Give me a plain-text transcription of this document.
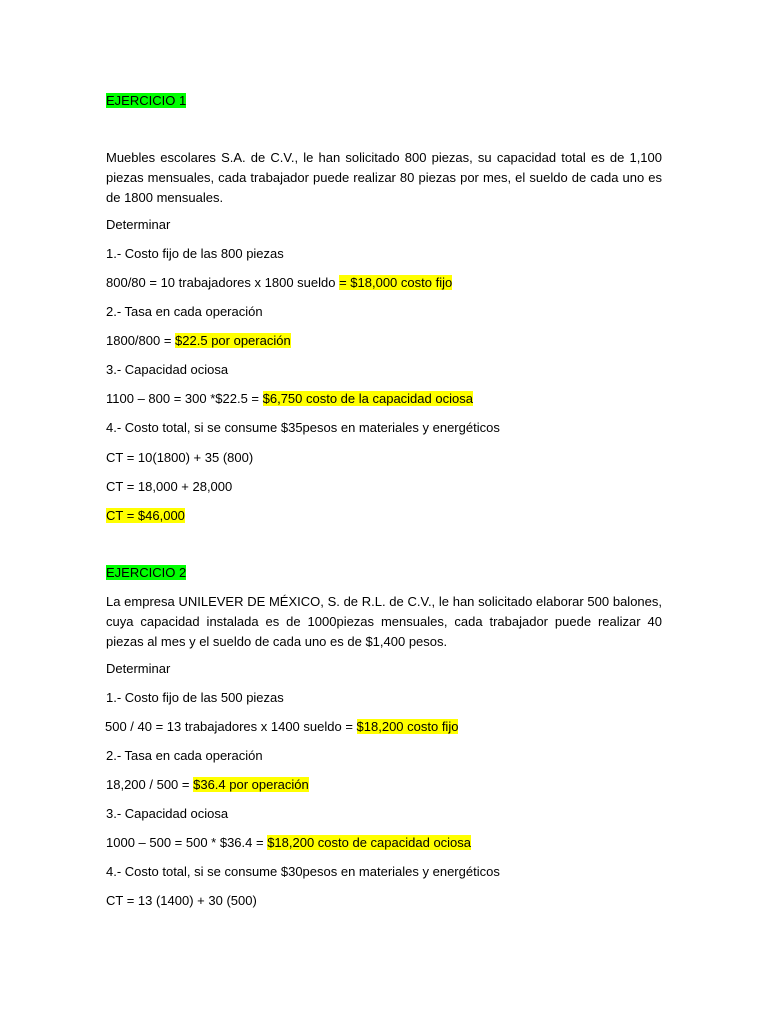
EJERCICIO 1
Muebles escolares S.A. de C.V., le han solicitado 800 piezas, su capacidad total es de 1,100 piezas mensuales, cada trabajador puede realizar 80 piezas por mes, el sueldo de cada uno es de 1800 mensuales.
Determinar
1.- Costo fijo de las 800 piezas
800/80 = 10 trabajadores x 1800 sueldo = $18,000 costo fijo
2.- Tasa en cada operación
1800/800 = $22.5 por operación
3.- Capacidad ociosa
1100 – 800 = 300 *$22.5 = $6,750 costo de la capacidad ociosa
4.- Costo total, si se consume $35pesos en materiales y energéticos
CT = 10(1800) + 35 (800)
CT = 18,000 + 28,000
CT = $46,000
EJERCICIO 2
La empresa UNILEVER DE MÉXICO, S. de R.L. de C.V., le han solicitado elaborar 500 balones, cuya capacidad instalada es de 1000piezas mensuales, cada trabajador puede realizar 40 piezas al mes y el sueldo de cada uno es de $1,400 pesos.
Determinar
1.- Costo fijo de las 500 piezas
500 / 40 = 13 trabajadores x 1400 sueldo = $18,200 costo fijo
2.- Tasa en cada operación
18,200 / 500 = $36.4 por operación
3.- Capacidad ociosa
1000 – 500 = 500 * $36.4 = $18,200 costo de capacidad ociosa
4.- Costo total, si se consume $30pesos en materiales y energéticos
CT = 13 (1400) + 30 (500)
